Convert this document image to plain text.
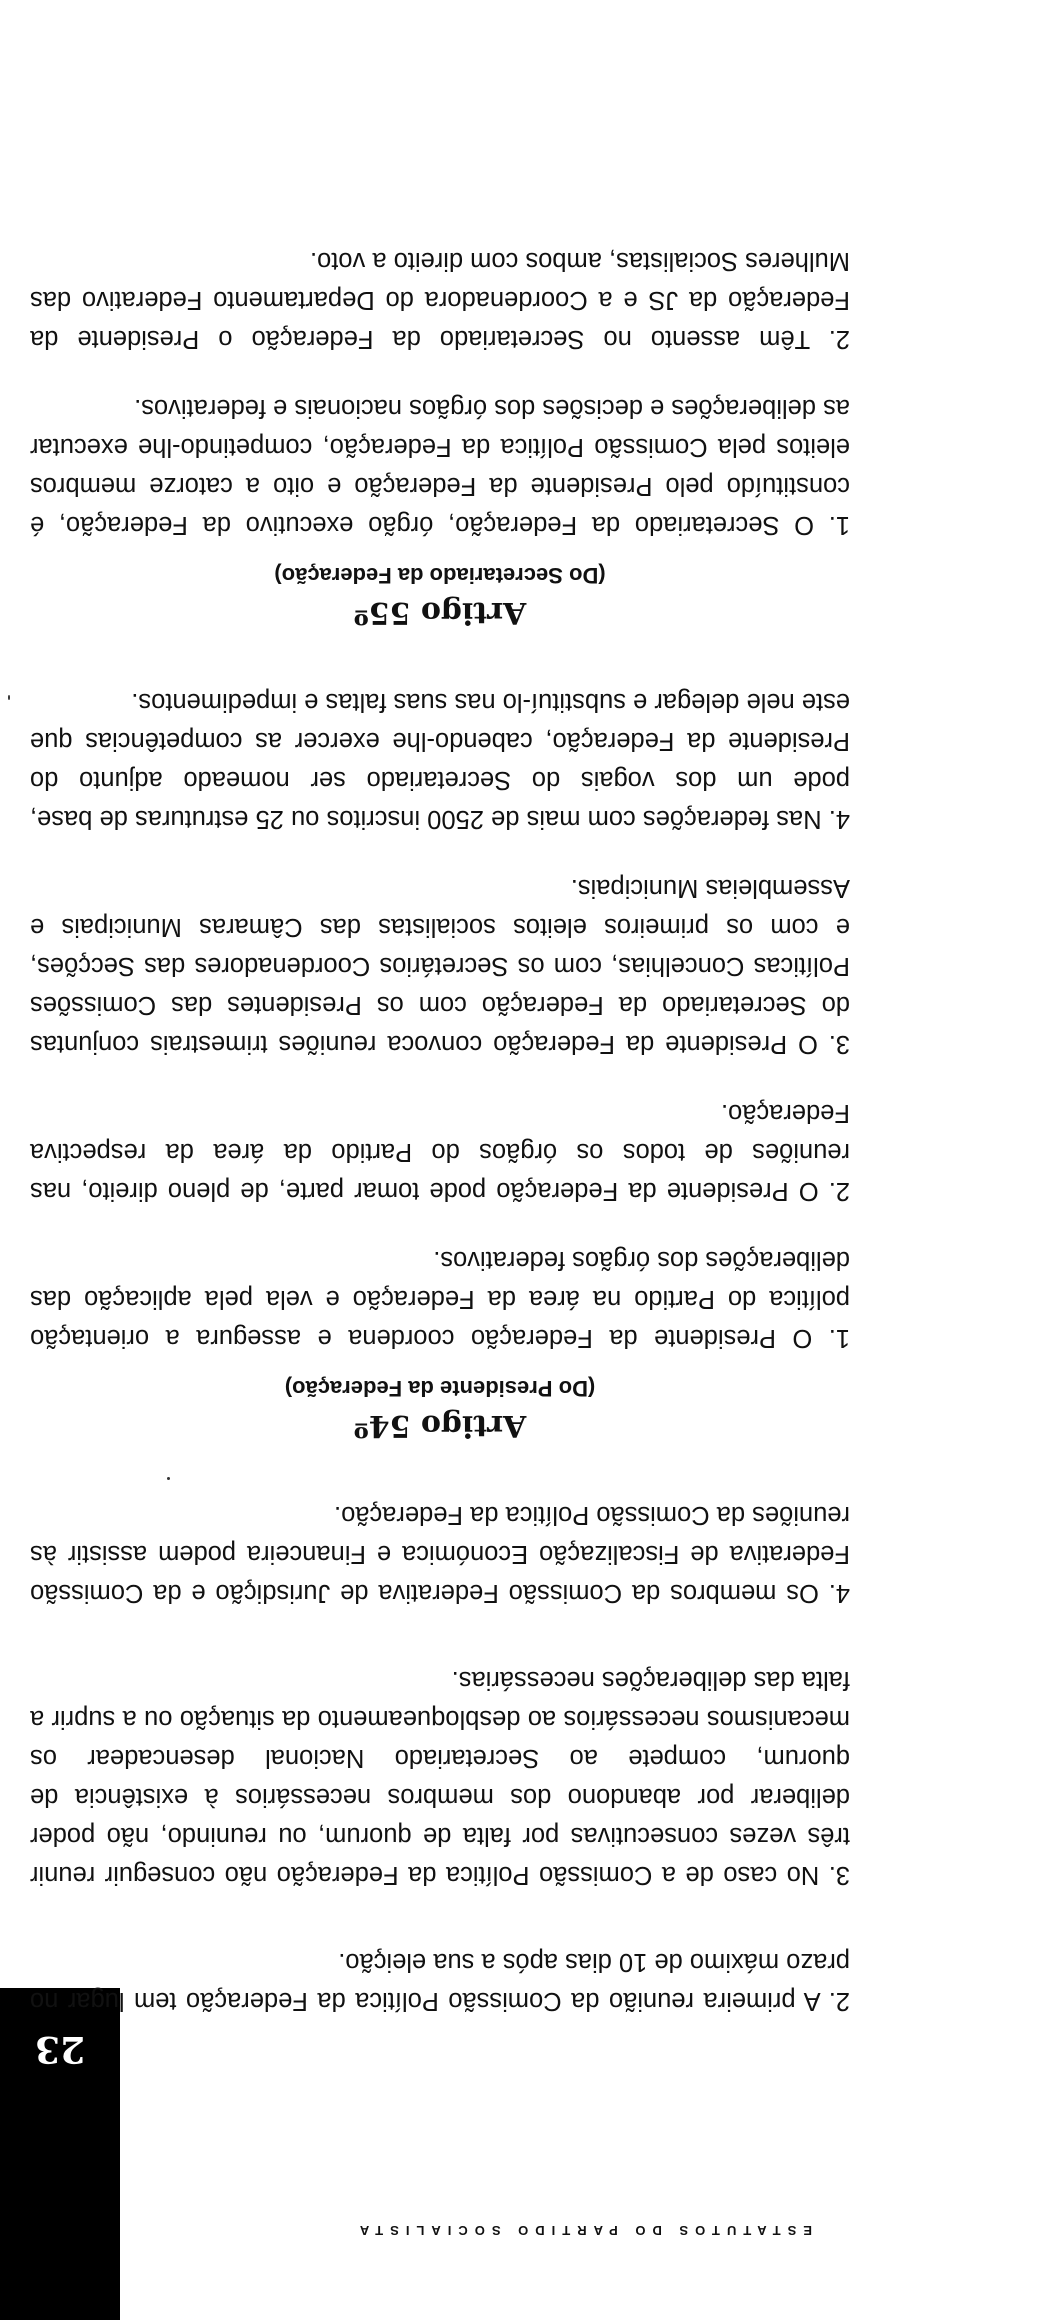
23
ESTATUTOS DO PARTIDO SOCIALISTA

2. A primeira reunião da Comissão Política da Federação tem lugar no prazo máximo de 10 dias após a sua eleição.

3. No caso de a Comissão Política da Federação não conseguir reunir três vezes consecutivas por falta de quorum, ou reunindo, não poder deliberar por abandono dos membros necessários à existência de quorum, compete ao Secretariado Nacional desencadear os mecanismos necessários ao desbloqueamento da situação ou a suprir a falta das deliberações necessárias.

4. Os membros da Comissão Federativa de Jurisdição e da Comissão Federativa de Fiscalização Económica e Financeira podem assistir às reuniões da Comissão Política da Federação.

Artigo 54º
(Do Presidente da Federação)

1. O Presidente da Federação coordena e assegura a orientação política do Partido na área da Federação e vela pela aplicação das deliberações dos órgãos federativos.

2. O Presidente da Federação pode tomar parte, de pleno direito, nas reuniões de todos os órgãos do Partido da área da respectiva Federação.

3. O Presidente da Federação convoca reuniões trimestrais conjuntas do Secretariado da Federação com os Presidentes das Comissões Políticas Concelhias, com os Secretários Coordenadores das Secções, e com os primeiros eleitos socialistas das Câmaras Municipais e Assembleias Municipais.

4. Nas federações com mais de 2500 inscritos ou 25 estruturas de base, pode um dos vogais do Secretariado ser nomeado adjunto do Presidente da Federação, cabendo-lhe exercer as competências que este nele delegar e substituí-lo nas suas faltas e impedimentos.

Artigo 55º
(Do Secretariado da Federação)

1. O Secretariado da Federação, órgão executivo da Federação, é constituído pelo Presidente da Federação e oito a catorze membros eleitos pela Comissão Política da Federação, competindo-lhe executar as deliberações e decisões dos órgãos nacionais e federativos.

2. Têm assento no Secretariado da Federação o Presidente da Federação da JS e a Coordenadora do Departamento Federativo das Mulheres Socialistas, ambos com direito a voto.
